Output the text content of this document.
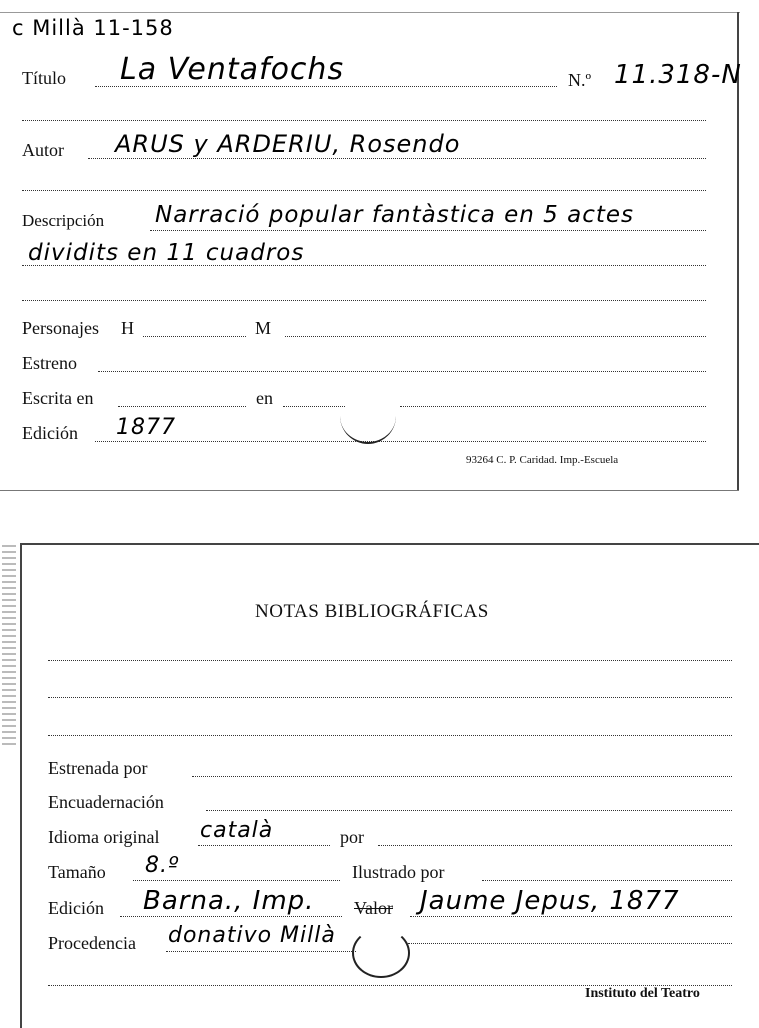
c Millà 11-158
Título La Ventafochs	N.º 11.318-N
Autor ARUS y ARDERIU, Rosendo
Descripción Narració popular fantàstica en 5 actes
dividits en 11 cuadros
Personajes H	M
Estreno
Escrita en	en
Edición 1877
93264 C. P. Caridad. Imp.-Escuela
NOTAS BIBLIOGRÁFICAS
Estrenada por
Encuadernación
Idioma original català	por
Tamaño 8.º	Ilustrado por
Edición Barna., Imp. Valor Jaume Jepus, 1877
Procedencia donativo Millà
Instituto del Teatro
